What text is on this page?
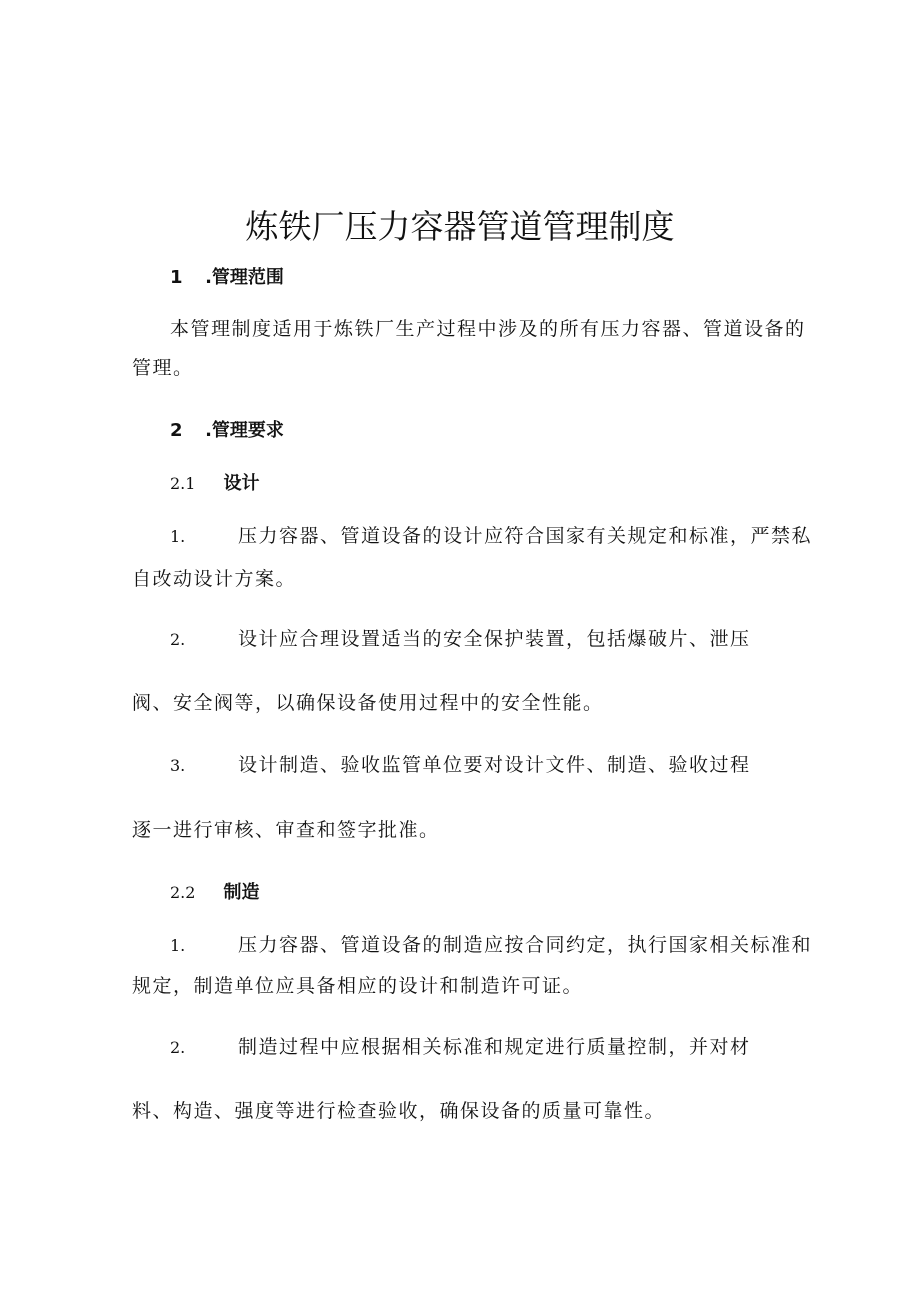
炼铁厂压力容器管道管理制度
1 .管理范围
本管理制度适用于炼铁厂生产过程中涉及的所有压力容器、管道设备的
管理。
2 .管理要求
2.1 设计
1.	压力容器、管道设备的设计应符合国家有关规定和标准，严禁私
自改动设计方案。
2.	设计应合理设置适当的安全保护装置，包括爆破片、泄压
阀、安全阀等，以确保设备使用过程中的安全性能。
3.	设计制造、验收监管单位要对设计文件、制造、验收过程
逐一进行审核、审查和签字批准。
2.2 制造
1.	压力容器、管道设备的制造应按合同约定，执行国家相关标准和
规定，制造单位应具备相应的设计和制造许可证。
2.	制造过程中应根据相关标准和规定进行质量控制，并对材
料、构造、强度等进行检查验收，确保设备的质量可靠性。
